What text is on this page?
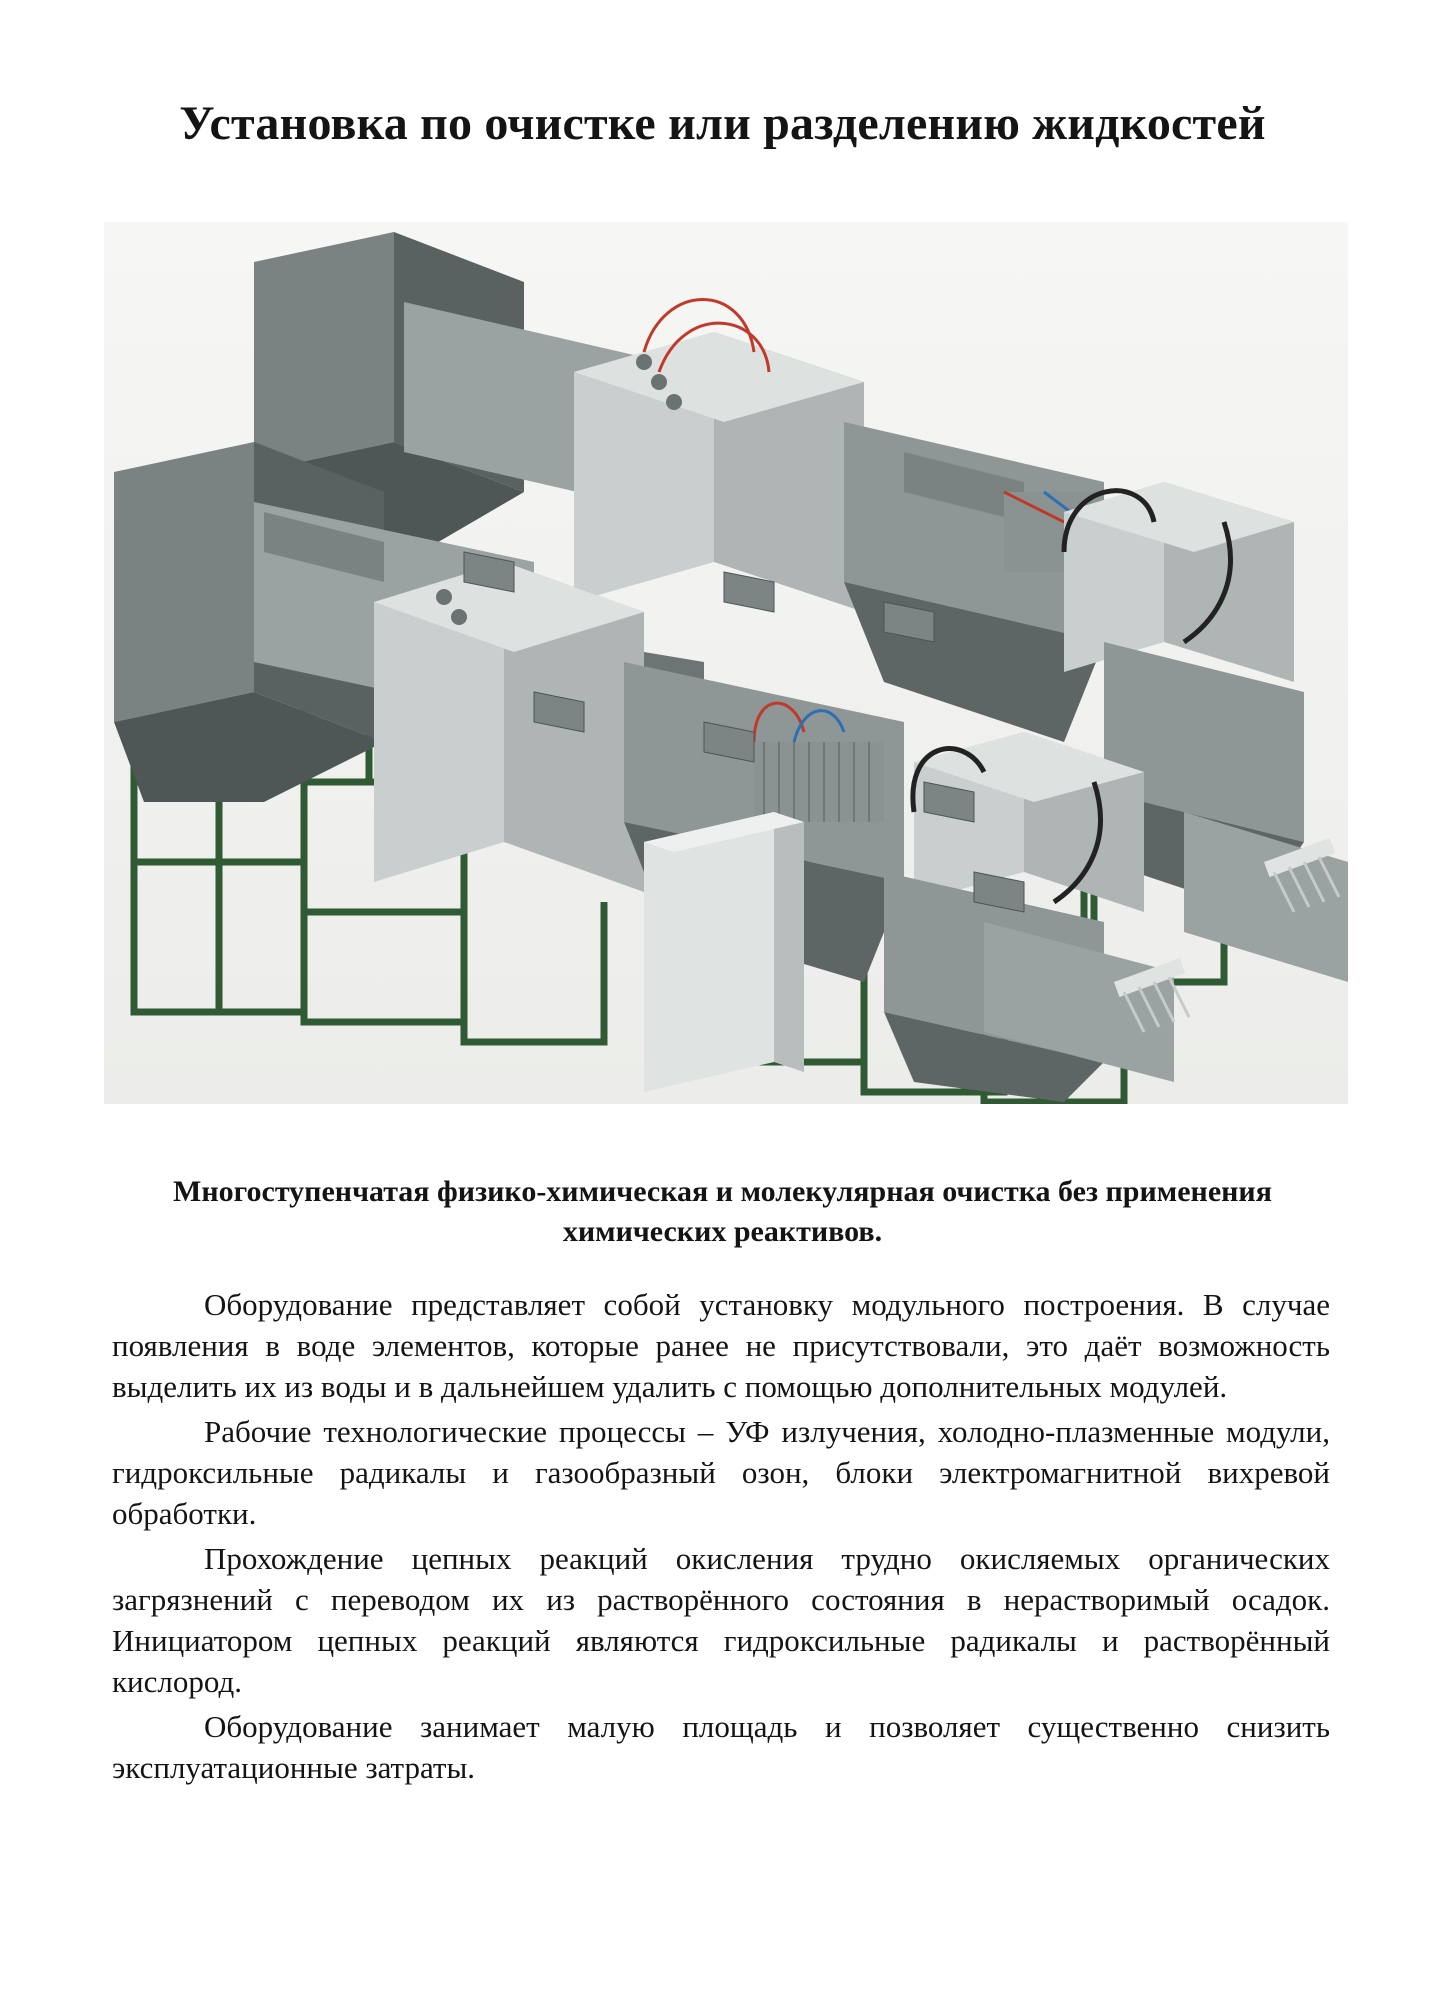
Установка по очистке или разделению жидкостей

Многоступенчатая физико-химическая и молекулярная очистка без применения химических реактивов.

Оборудование представляет собой установку модульного построения. В случае появления в воде элементов, которые ранее не присутствовали, это даёт возможность выделить их из воды и в дальнейшем удалить с помощью дополнительных модулей.

Рабочие технологические процессы – УФ излучения, холодно-плазменные модули, гидроксильные радикалы и газообразный озон, блоки электромагнитной вихревой обработки.

Прохождение цепных реакций окисления трудно окисляемых органических загрязнений с переводом их из растворённого состояния в нерастворимый осадок. Инициатором цепных реакций являются гидроксильные радикалы и растворённый кислород.

Оборудование занимает малую площадь и позволяет существенно снизить эксплуатационные затраты.
